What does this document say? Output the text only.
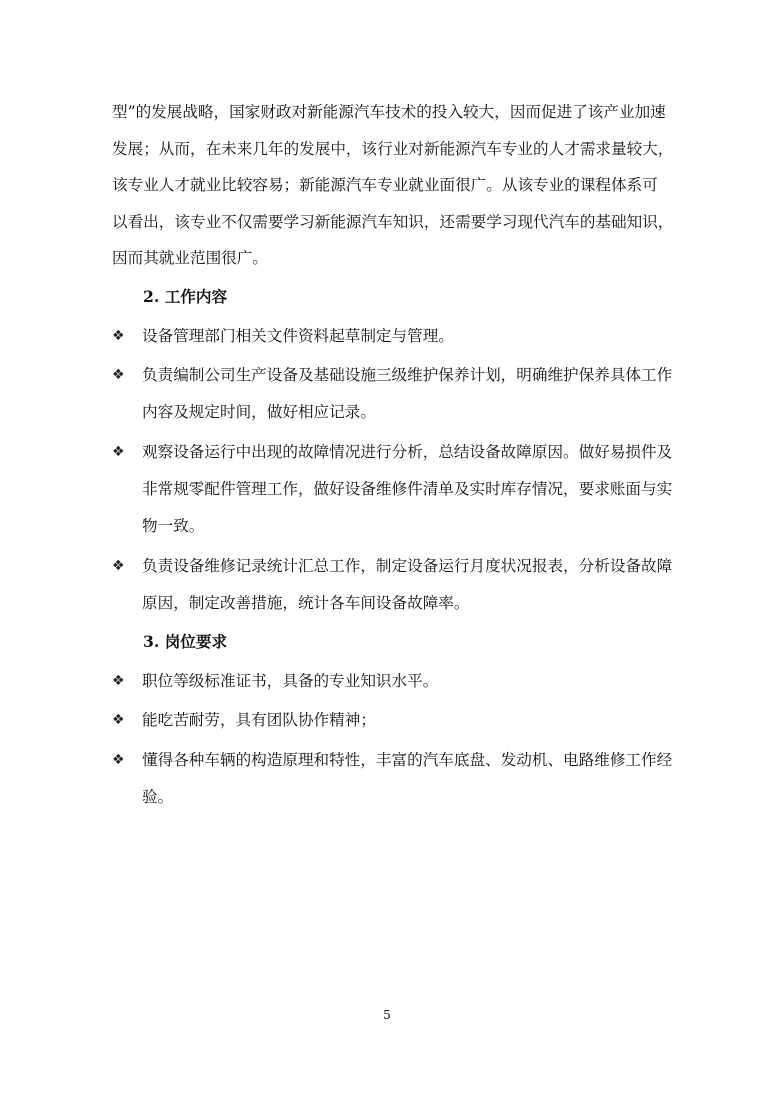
型”的发展战略，国家财政对新能源汽车技术的投入较大，因而促进了该产业加速
发展；从而，在未来几年的发展中，该行业对新能源汽车专业的人才需求量较大，
该专业人才就业比较容易；新能源汽车专业就业面很广。从该专业的课程体系可
以看出，该专业不仅需要学习新能源汽车知识，还需要学习现代汽车的基础知识，
因而其就业范围很广。

2. 工作内容
❖ 设备管理部门相关文件资料起草制定与管理。
❖ 负责编制公司生产设备及基础设施三级维护保养计划，明确维护保养具体工作
内容及规定时间，做好相应记录。
❖ 观察设备运行中出现的故障情况进行分析，总结设备故障原因。做好易损件及
非常规零配件管理工作，做好设备维修件清单及实时库存情况，要求账面与实
物一致。
❖ 负责设备维修记录统计汇总工作，制定设备运行月度状况报表，分析设备故障
原因，制定改善措施，统计各车间设备故障率。
3. 岗位要求
❖ 职位等级标准证书，具备的专业知识水平。
❖ 能吃苦耐劳，具有团队协作精神；
❖ 懂得各种车辆的构造原理和特性，丰富的汽车底盘、发动机、电路维修工作经
验。
5
